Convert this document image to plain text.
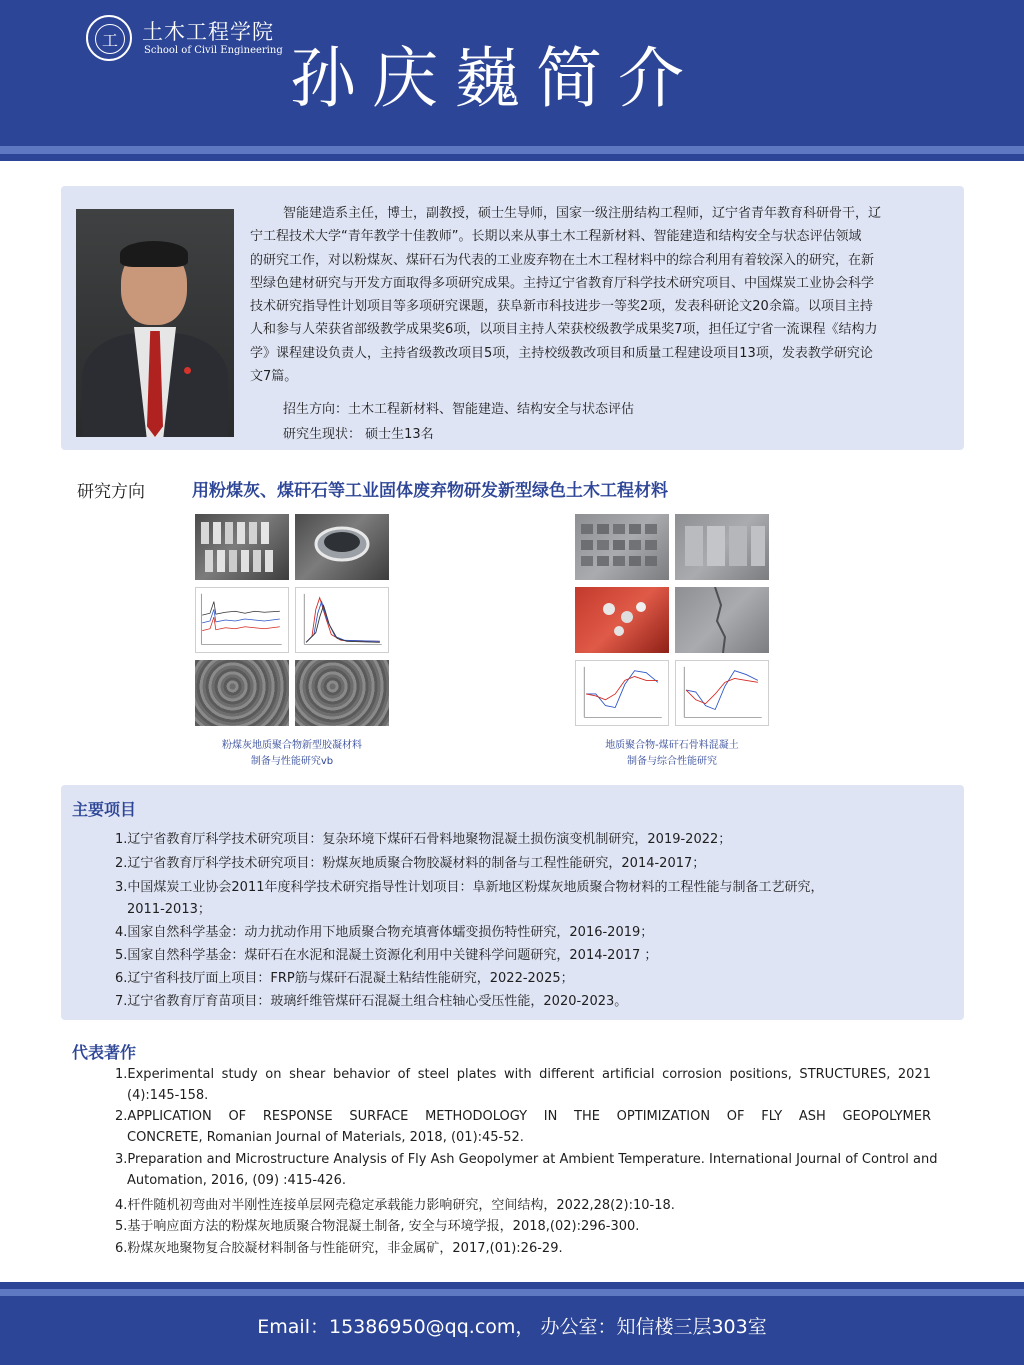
工 土木工程学院
School of Civil Engineering 孙庆巍简介
智能建造系主任，博士，副教授，硕士生导师，国家一级注册结构工程师，辽宁省青年教育科研骨干，辽
宁工程技术大学“青年教学十佳教师”。长期以来从事土木工程新材料、智能建造和结构安全与状态评估领域
的研究工作，对以粉煤灰、煤矸石为代表的工业废弃物在土木工程材料中的综合利用有着较深入的研究，在新
型绿色建材研究与开发方面取得多项研究成果。主持辽宁省教育厅科学技术研究项目、中国煤炭工业协会科学
技术研究指导性计划项目等多项研究课题，获阜新市科技进步一等奖2项，发表科研论文20余篇。以项目主持
人和参与人荣获省部级教学成果奖6项，以项目主持人荣获校级教学成果奖7项，担任辽宁省一流课程《结构力
学》课程建设负责人，主持省级教改项目5项，主持校级教改项目和质量工程建设项目13项，发表教学研究论
文7篇。
招生方向：土木工程新材料、智能建造、结构安全与状态评估
研究生现状： 硕士生13名
研究方向	用粉煤灰、煤矸石等工业固体废弃物研发新型绿色土木工程材料
粉煤灰地质聚合物新型胶凝材料
制备与性能研究vb
地质聚合物-煤矸石骨料混凝土
制备与综合性能研究
主要项目
1.辽宁省教育厅科学技术研究项目：复杂环境下煤矸石骨料地聚物混凝土损伤演变机制研究，2019-2022；
2.辽宁省教育厅科学技术研究项目：粉煤灰地质聚合物胶凝材料的制备与工程性能研究，2014-2017；
3.中国煤炭工业协会2011年度科学技术研究指导性计划项目：阜新地区粉煤灰地质聚合物材料的工程性能与制备工艺研究，
2011-2013；
4.国家自然科学基金：动力扰动作用下地质聚合物充填膏体蠕变损伤特性研究，2016-2019；
5.国家自然科学基金：煤矸石在水泥和混凝土资源化利用中关键科学问题研究，2014-2017 ；
6.辽宁省科技厅面上项目：FRP筋与煤矸石混凝土粘结性能研究，2022-2025；
7.辽宁省教育厅育苗项目：玻璃纤维管煤矸石混凝土组合柱轴心受压性能，2020-2023。
代表著作
1.Experimental study on shear behavior of steel plates with different artificial corrosion positions, STRUCTURES, 2021
(4):145-158.
2.APPLICATION OF RESPONSE SURFACE METHODOLOGY IN THE OPTIMIZATION OF FLY ASH GEOPOLYMER
CONCRETE, Romanian Journal of Materials, 2018, (01):45-52.
3.Preparation and Microstructure Analysis of Fly Ash Geopolymer at Ambient Temperature. International Journal of Control and
Automation, 2016, (09) :415-426.
4.杆件随机初弯曲对半刚性连接单层网壳稳定承载能力影响研究，空间结构，2022,28(2):10-18.
5.基于响应面方法的粉煤灰地质聚合物混凝土制备, 安全与环境学报，2018,(02):296-300.
6.粉煤灰地聚物复合胶凝材料制备与性能研究，非金属矿，2017,(01):26-29.
Email：15386950@qq.com， 办公室：知信楼三层303室
